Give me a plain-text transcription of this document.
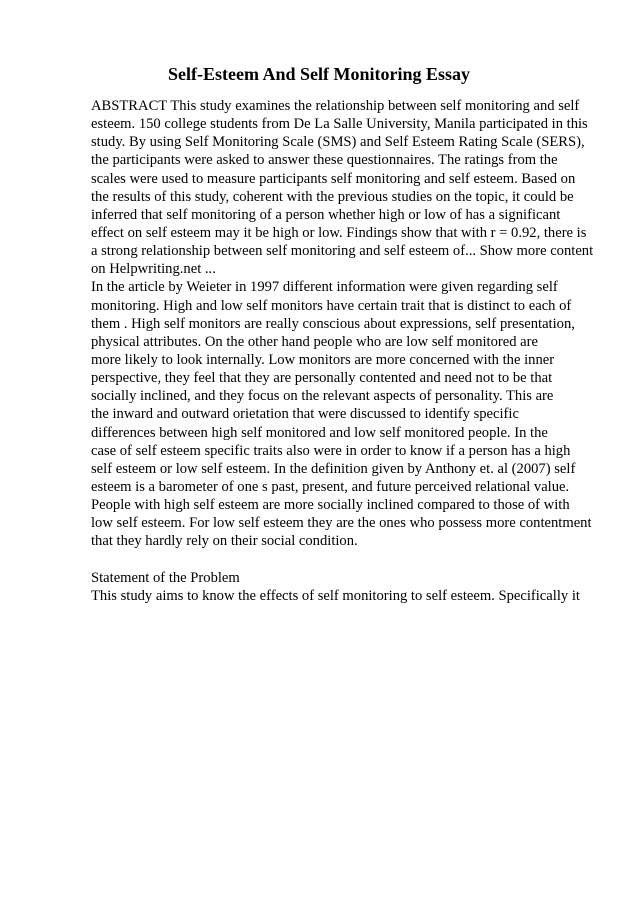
Self-Esteem And Self Monitoring Essay
ABSTRACT This study examines the relationship between self monitoring and self
esteem. 150 college students from De La Salle University, Manila participated in this
study. By using Self Monitoring Scale (SMS) and Self Esteem Rating Scale (SERS),
the participants were asked to answer these questionnaires. The ratings from the
scales were used to measure participants self monitoring and self esteem. Based on
the results of this study, coherent with the previous studies on the topic, it could be
inferred that self monitoring of a person whether high or low of has a significant
effect on self esteem may it be high or low. Findings show that with r = 0.92, there is
a strong relationship between self monitoring and self esteem of... Show more content
on Helpwriting.net ...
In the article by Weieter in 1997 different information were given regarding self
monitoring. High and low self monitors have certain trait that is distinct to each of
them . High self monitors are really conscious about expressions, self presentation,
physical attributes. On the other hand people who are low self monitored are
more likely to look internally. Low monitors are more concerned with the inner
perspective, they feel that they are personally contented and need not to be that
socially inclined, and they focus on the relevant aspects of personality. This are
the inward and outward orietation that were discussed to identify specific
differences between high self monitored and low self monitored people. In the
case of self esteem specific traits also were in order to know if a person has a high
self esteem or low self esteem. In the definition given by Anthony et. al (2007) self
esteem is a barometer of one s past, present, and future perceived relational value.
People with high self esteem are more socially inclined compared to those of with
low self esteem. For low self esteem they are the ones who possess more contentment
that they hardly rely on their social condition.
Statement of the Problem
This study aims to know the effects of self monitoring to self esteem. Specifically it
